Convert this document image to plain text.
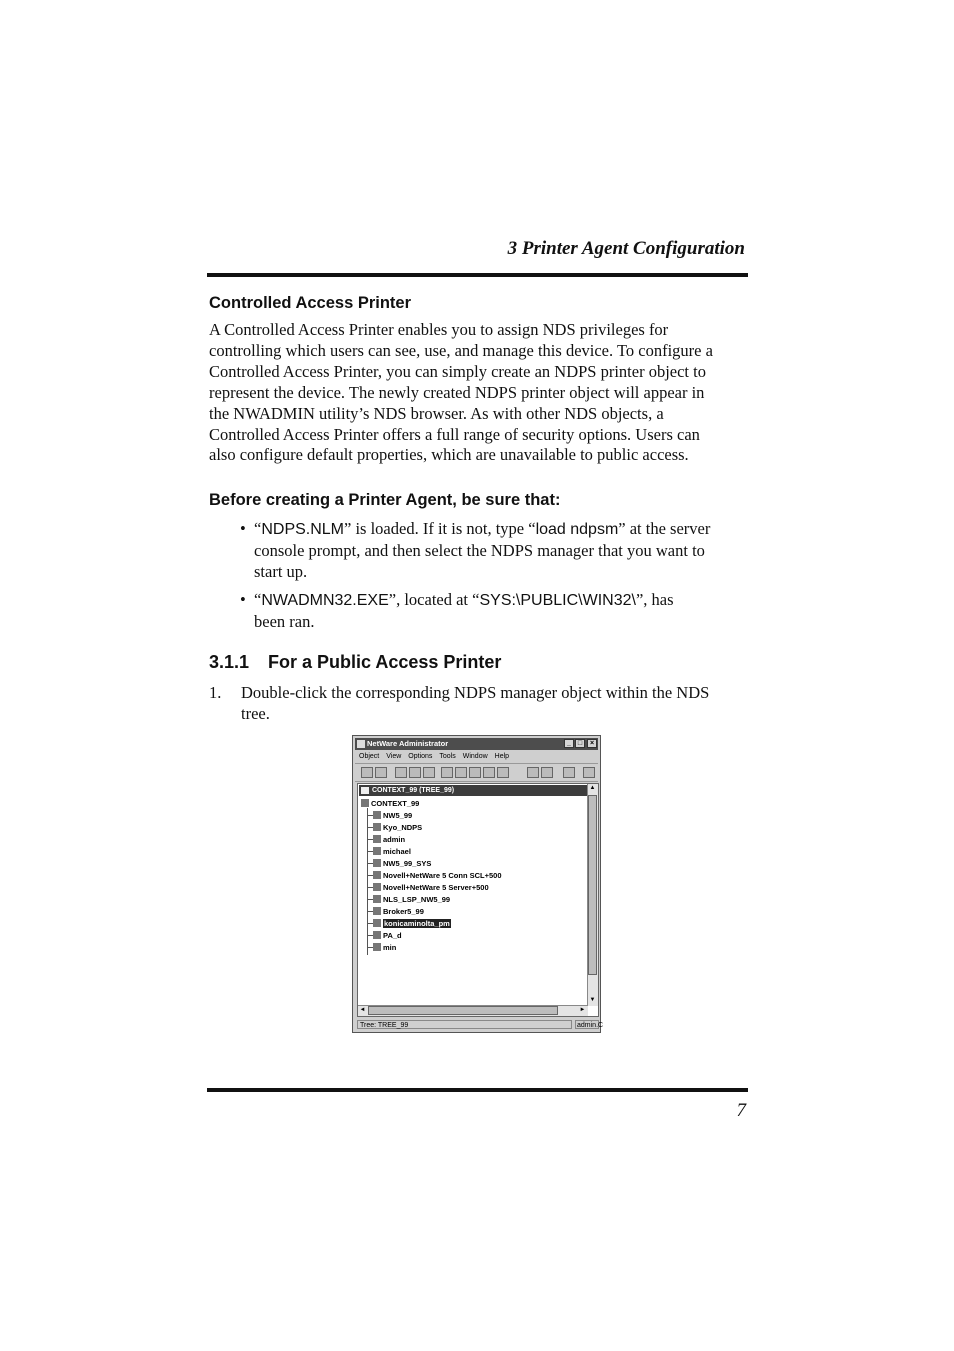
3 Printer Agent Configuration
Controlled Access Printer

A Controlled Access Printer enables you to assign NDS privileges for
controlling which users can see, use, and manage this device. To configure a
Controlled Access Printer, you can simply create an NDPS printer object to
represent the device. The newly created NDPS printer object will appear in
the NWADMIN utility’s NDS browser. As with other NDS objects, a
Controlled Access Printer offers a full range of security options. Users can
also configure default properties, which are unavailable to public access.

Before creating a Printer Agent, be sure that:
• “NDPS.NLM” is loaded. If it is not, type “load ndpsm” at the server
console prompt, and then select the NDPS manager that you want to
start up.
• “NWADMN32.EXE”, located at “SYS:\PUBLIC\WIN32\”, has
been ran.
3.1.1 For a Public Access Printer
1. Double-click the corresponding NDPS manager object within the NDS
tree.
NetWare Administrator	_ □	×
Object View Options Tools Window Help
CONTEXT_99 (TREE_99)
CONTEXT_99
NW5_99
Kyo_NDPS
admin
michael
NW5_99_SYS
Novell+NetWare 5 Conn SCL+500
Novell+NetWare 5 Server+500
NLS_LSP_NW5_99
Broker5_99
konicaminolta_pm
PA_d
min
▲
▼
◄	►
Tree: TREE_99	admin.C
7
